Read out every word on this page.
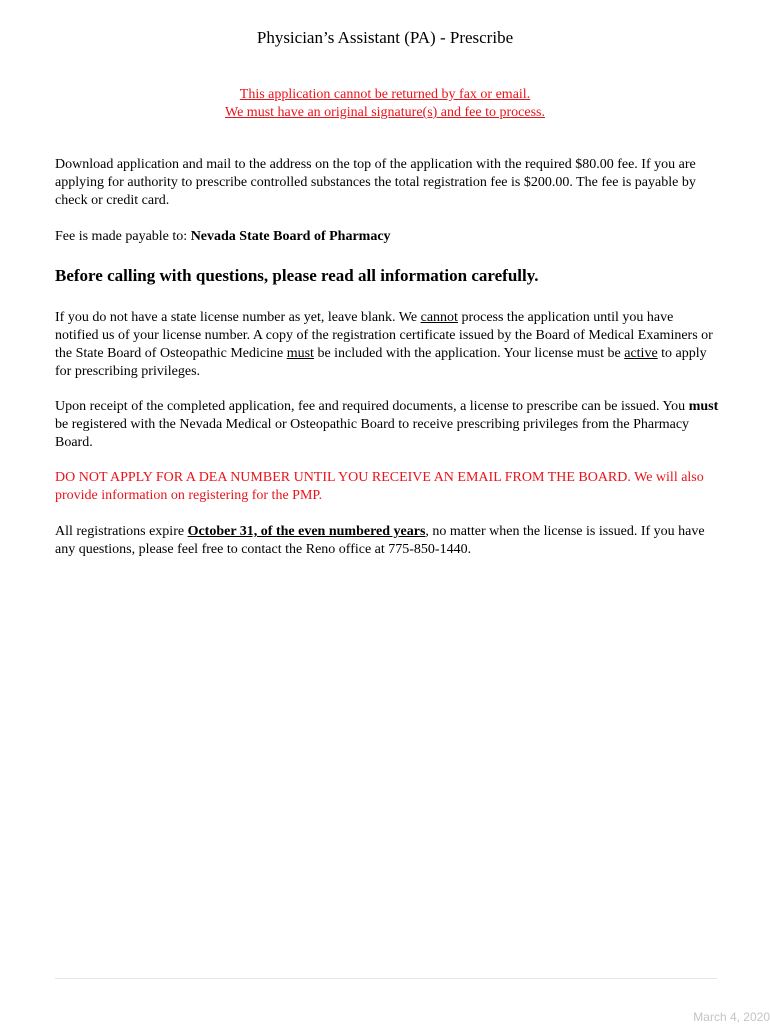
Physician’s Assistant (PA) - Prescribe
This application cannot be returned by fax or email.
We must have an original signature(s) and fee to process.
Download application and mail to the address on the top of the application with the required $80.00 fee. If you are applying for authority to prescribe controlled substances the total registration fee is $200.00. The fee is payable by check or credit card.
Fee is made payable to: Nevada State Board of Pharmacy
Before calling with questions, please read all information carefully.
If you do not have a state license number as yet, leave blank. We cannot process the application until you have notified us of your license number. A copy of the registration certificate issued by the Board of Medical Examiners or the State Board of Osteopathic Medicine must be included with the application. Your license must be active to apply for prescribing privileges.
Upon receipt of the completed application, fee and required documents, a license to prescribe can be issued. You must be registered with the Nevada Medical or Osteopathic Board to receive prescribing privileges from the Pharmacy Board.
DO NOT APPLY FOR A DEA NUMBER UNTIL YOU RECEIVE AN EMAIL FROM THE BOARD. We will also provide information on registering for the PMP.
All registrations expire October 31, of the even numbered years, no matter when the license is issued. If you have any questions, please feel free to contact the Reno office at 775-850-1440.
March 4, 2020
